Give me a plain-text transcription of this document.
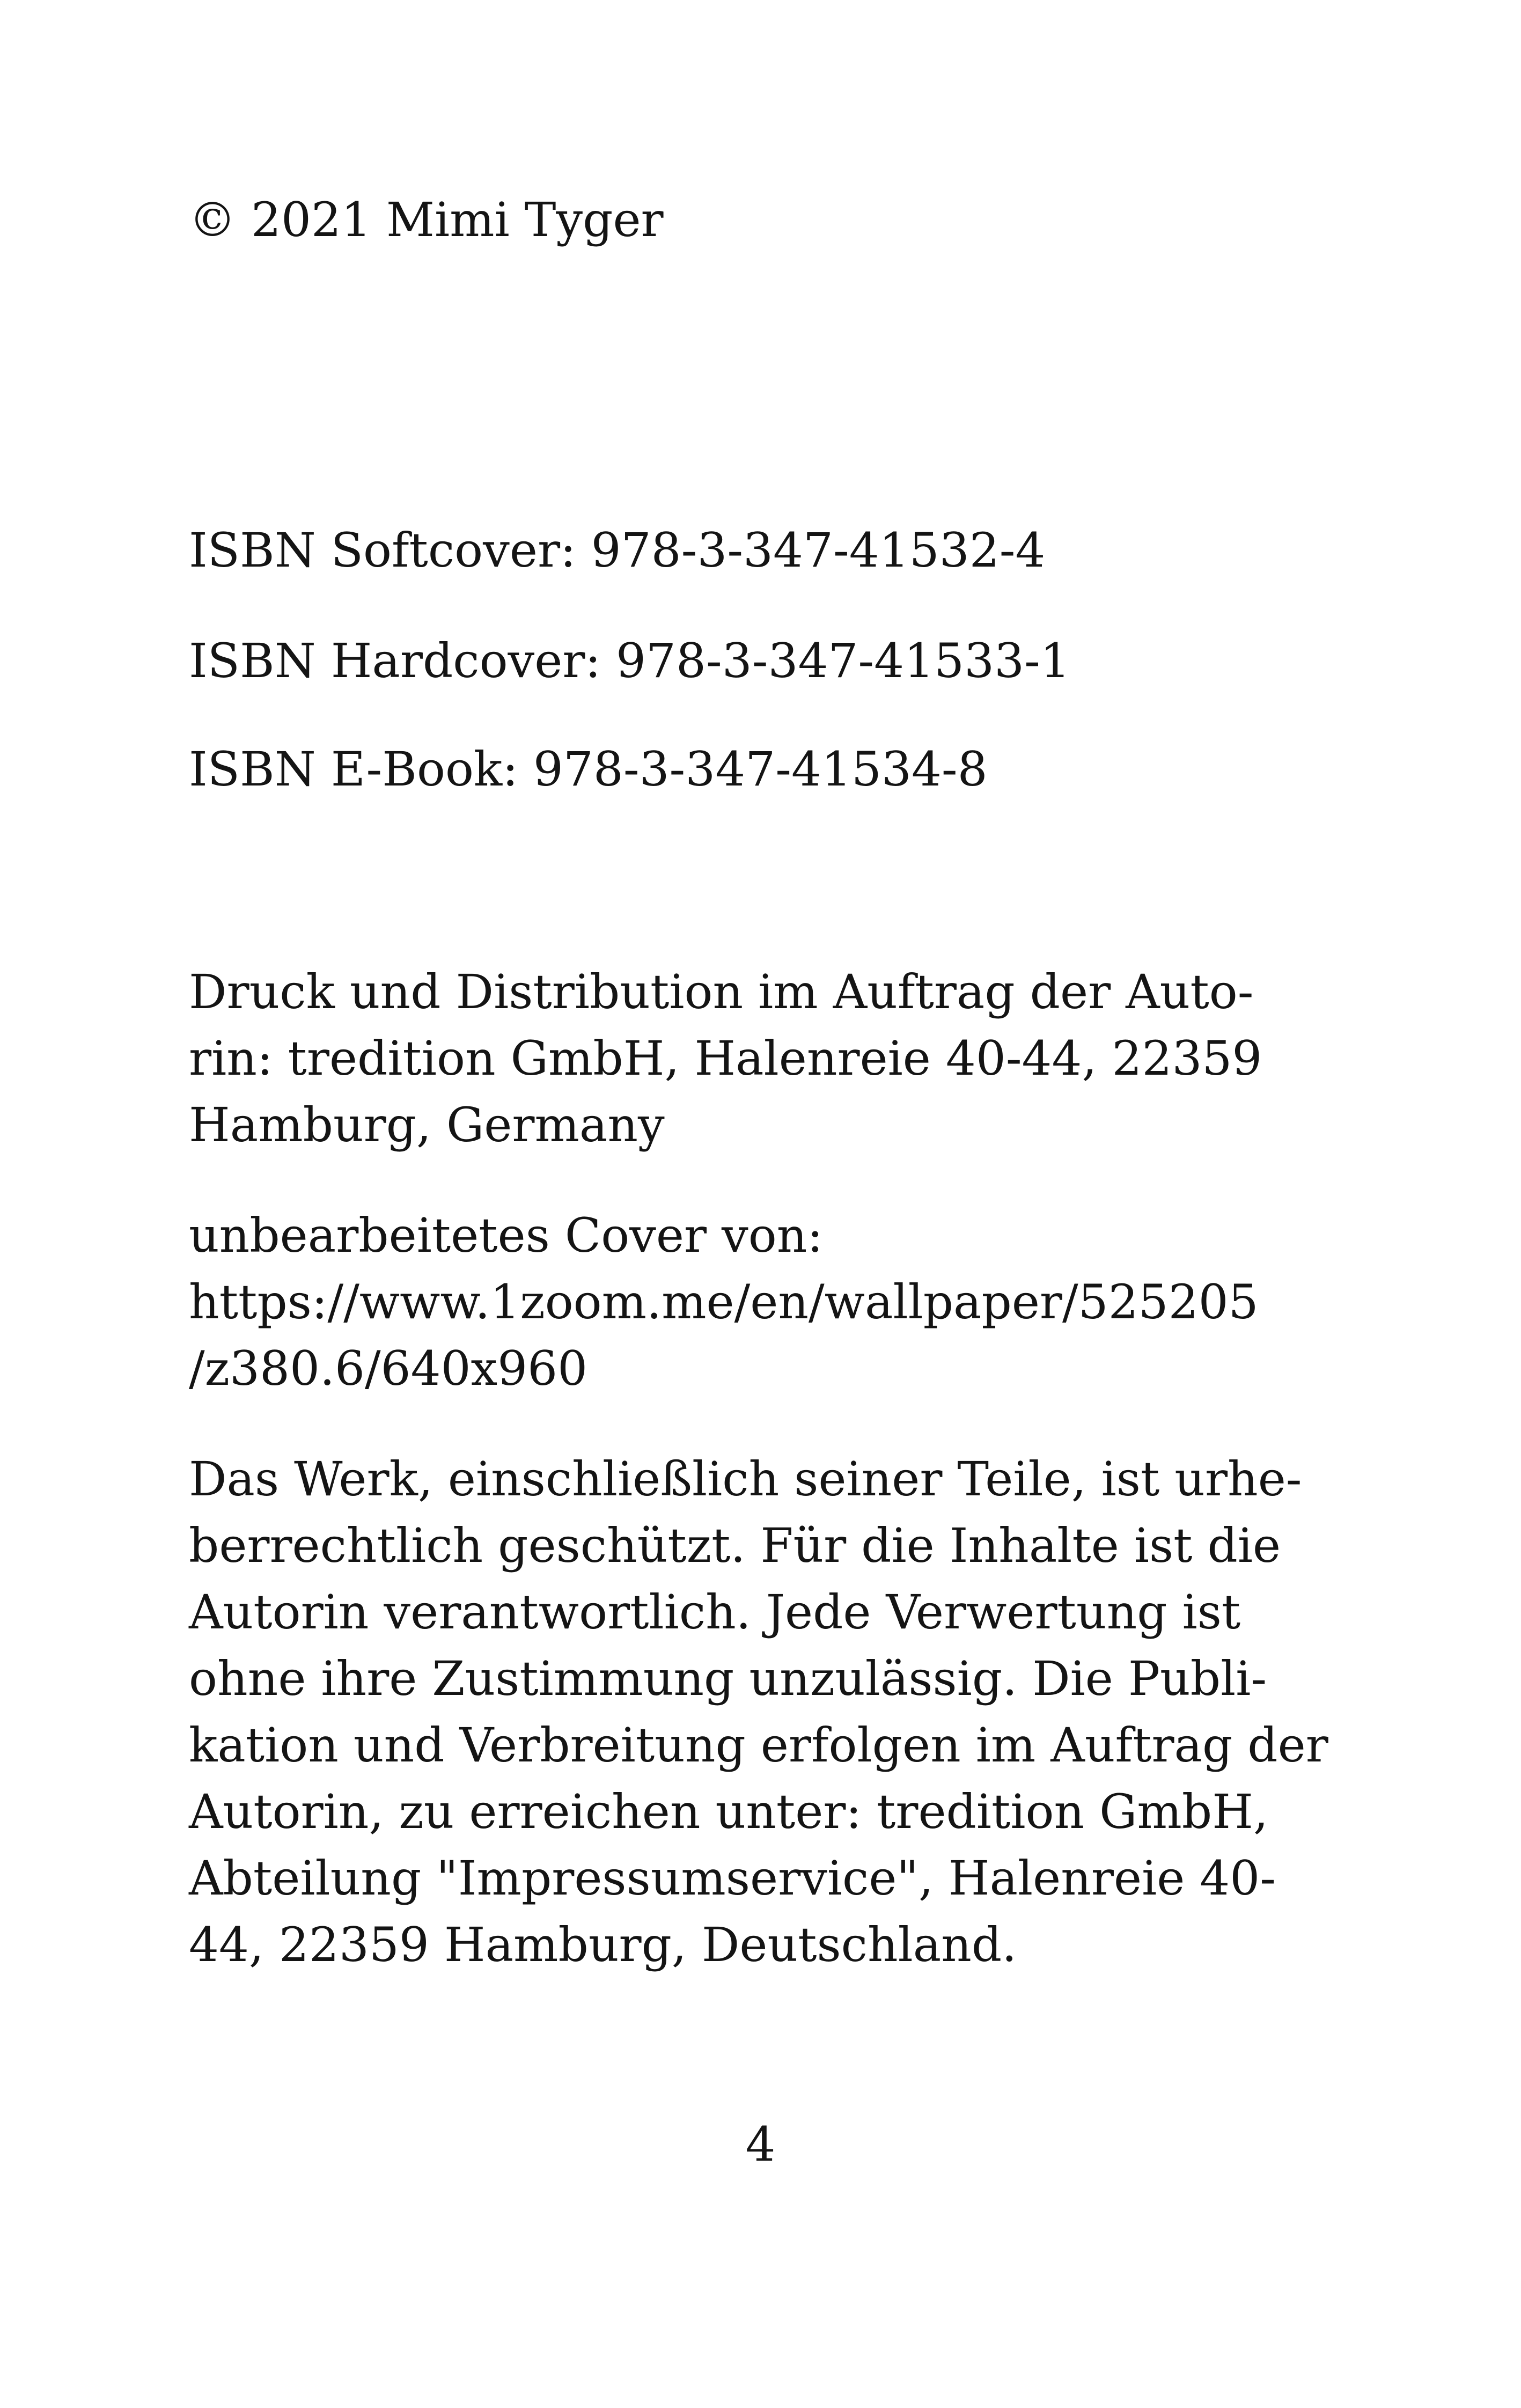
© 2021 Mimi Tyger

ISBN Softcover: 978-3-347-41532-4

ISBN Hardcover: 978-3-347-41533-1

ISBN E-Book: 978-3-347-41534-8

Druck und Distribution im Auftrag der Auto-

rin: tredition GmbH, Halenreie 40-44, 22359

Hamburg, Germany

unbearbeitetes Cover von:

https://www.1zoom.me/en/wallpaper/525205

/z380.6/640x960

Das Werk, einschließlich seiner Teile, ist urhe-

berrechtlich geschützt. Für die Inhalte ist die

Autorin verantwortlich. Jede Verwertung ist

ohne ihre Zustimmung unzulässig. Die Publi-

kation und Verbreitung erfolgen im Auftrag der

Autorin, zu erreichen unter: tredition GmbH,

Abteilung "Impressumservice", Halenreie 40-

44, 22359 Hamburg, Deutschland.

4
